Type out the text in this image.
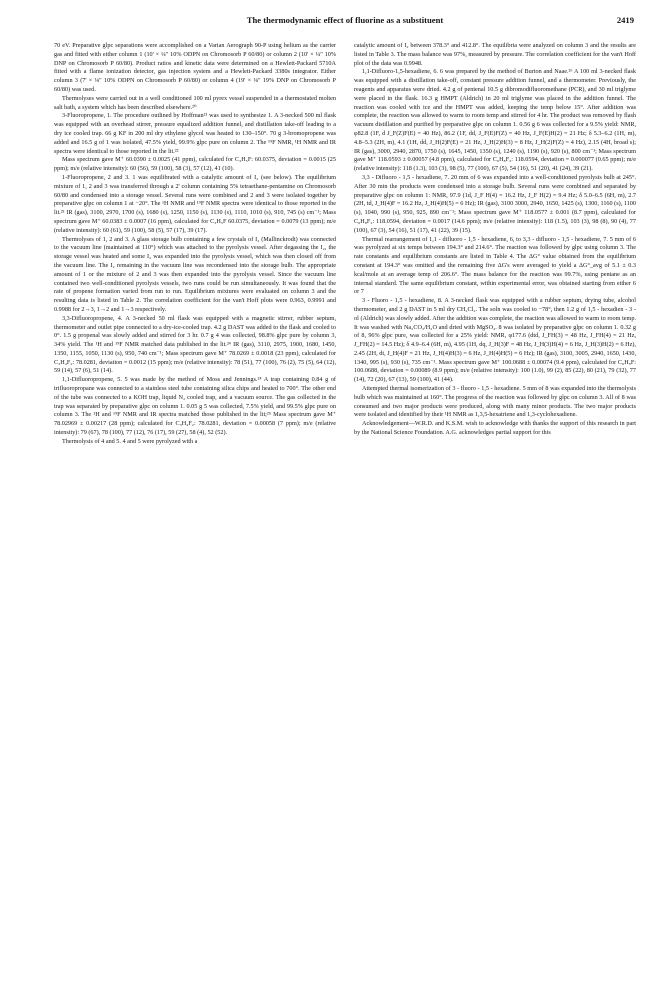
The thermodynamic effect of fluorine as a substituent	2419

70 eV. Preparative glpc separations were accomplished on a Varian Aerograph 90-P using helium as the carrier gas and fitted with either column 1 (10' × ¼" 10% ODPN on Chromosorb P 60/80) or column 2 (10' × ¼" 10% DNP on Chromosorb P 60/80). Product ratios and kinetic data were determined on a Hewlett-Packard 5710A fitted with a flame ionization detector, gas injection system and a Hewlett-Packard 3380s integrator. Either column 3 (7' × ⅛" 10% ODPN on Chromosorb P 60/80) or column 4 (19' × ⅛" 19% DNP on Chromosorb P 60/80) was used.

Thermolyses were carried out in a well conditioned 100 ml pyrex vessel suspended in a thermostated molten salt bath, a system which has been described elsewhere.²⁰

3-Fluoropropene, 1. The procedure outlined by Hoffman²¹ was used to synthesize 1. A 3-necked 500 ml flask was equipped with an overhead stirrer, pressure equalized addition funnel, and distillation take-off leading to a dry ice cooled trap. 66 g KF in 200 ml dry ethylene glycol was heated to 130–150°. 70 g 3-bromopropene was added and 16.5 g of 1 was isolated, 47.5% yield, 99.9% glpc pure on column 2. The ¹⁹F NMR, ¹H NMR and IR spectra were identical to those reported in the lit.²²

Mass spectrum gave M⁺ 60.0390 ± 0.0025 (41 ppm), calculated for C₃H₅F: 60.0375, deviation = 0.0015 (25 ppm); m/e (relative intensity): 60 (56), 59 (100), 58 (3), 57 (12), 41 (10).

1-Fluoropropene, 2 and 3. 1 was equilibrated with a catalytic amount of I₂ (see below). The equilibrium mixture of 1, 2 and 3 was transferred through a 2' column containing 5% tetraethane-pentamine on Chromosorb 60/80 and condensed into a storage vessel. Several runs were combined and 2 and 3 were isolated together by preparative glpc on column 1 at −20°. The ¹H NMR and ¹⁹F NMR spectra were identical to those reported in the lit.²³ IR (gas), 3100, 2970, 1700 (s), 1680 (s), 1250, 1150 (s), 1130 (s), 1110, 1010 (s), 910, 745 (s) cm⁻¹; Mass spectrum gave M⁺ 60.0383 ± 0.0007 (16 ppm), calculated for C₃H₅F 60.0375, deviation = 0.0079 (13 ppm); m/e (relative intensity): 60 (61), 59 (100), 58 (5), 57 (17), 39 (17).

Thermolyses of 1, 2 and 3. A glass storage bulb containing a few crystals of I₂ (Mallinckrodt) was connected to the vacuum line (maintained at 110°) which was attached to the pyrolysis vessel. After degassing the I₂, the storage vessel was heated and some I₂ was expanded into the pyrolysis vessel, which was then closed off from the vacuum line. The I₂ remaining in the vacuum line was recondensed into the storage bulb. The appropriate amount of 1 or the mixture of 2 and 3 was then expanded into the pyrolysis vessel. Since the vacuum line contained two well-conditioned pyrolysis vessels, two runs could be run simultaneously. It was found that the rate of propene formation varied from run to run. Equilibrium mixtures were evaluated on column 3 and the resulting data is listed in Table 2. The correlation coefficient for the van't Hoff plots were 0.963, 0.9991 and 0.9988 for 2→3, 1→2 and 1→3 respectively.

3,3-Difluoropropene, 4. A 3-necked 50 ml flask was equipped with a magnetic stirrer, rubber septum, thermometer and outlet pipe connected to a dry-ice-cooled trap. 4.2 g DAST was added to the flask and cooled to 0°. 1.5 g propenal was slowly added and stirred for 3 hr. 0.7 g 4 was collected, 98.8% glpc pure by column 3, 34% yield. The ¹H and ¹⁹F NMR matched data published in the lit.²⁴ IR (gas), 3110, 2975, 1900, 1680, 1450, 1350, 1155, 1050, 1130 (s), 950, 740 cm⁻¹; Mass spectrum gave M⁺ 78.0269 ± 0.0018 (23 ppm), calculated for C₃H₄F₂: 78.0281, deviation = 0.0012 (15 ppm); m/e (relative intensity): 78 (51), 77 (100), 76 (2), 75 (5), 64 (12), 59 (14), 57 (6), 51 (14).

1,1-Difluoropropene, 5. 5 was made by the method of Moss and Jennings.²⁴ A trap containing 0.84 g of trifluoropropane was connected to a stainless steel tube containing silica chips and heated to 700°. The other end of the tube was connected to a KOH trap, liquid N₂ cooled trap, and a vacuum source. The gas collected in the trap was separated by preparative glpc on column 1. 0.05 g 5 was collected, 7.5% yield, and 99.5% glpc pure on column 3. The ¹H and ¹⁹F NMR and IR spectra matched those published in the lit;²⁵ Mass spectrum gave M⁺ 78.02969 ± 0.00217 (28 ppm); calculated for C₃H₄F₂: 78.0281, deviation = 0.00058 (7 ppm); m/e (relative intensity): 79 (67), 78 (100), 77 (12), 76 (17), 59 (27), 58 (4), 52 (52).

Thermolysis of 4 and 5. 4 and 5 were pyrolyzed with a

catalytic amount of I₂ between 378.3° and 412.8°. The equilibria were analyzed on column 3 and the results are listed in Table 3. The mass balance was 97%, measured by pressure. The correlation coefficient for the van't Hoff plot of the data was 0.9948.

1,1-Difluoro-1,5-hexadiene, 6. 6 was prepared by the method of Burton and Naae.²⁶ A 100 ml 3-necked flask was equipped with a distillation take-off, constant pressure addition funnel, and a thermometer. Previously, the reagents and apparatus were dried. 4.2 g of pentenal 10.5 g dibromodifluoromethane (PCR), and 30 ml triglyme were placed in the flask. 16.3 g HMPT (Aldrich) in 20 ml triglyme was placed in the addition funnel. The reaction was cooled with ice and the HMPT was added, keeping the temp below 15°. After addition was complete, the reaction was allowed to warm to room temp and stirred for 4 hr. The product was removed by flash vacuum distillation and purified by preparative glpc on column 1. 0.56 g 6 was collected for a 9.5% yield: NMR, φ82.8 (1F, d J_F(Z)F(E) = 40 Hz), 86.2 (1F, dd, J_F(E)F(Z) = 40 Hz, J_F(E)H(2) = 21 Hz; δ 5.3–6.2 (1H, m), 4.8–5.3 (2H, m), 4.1 (1H, dd, J_H(2)F(E) = 21 Hz, J_H(2)H(3) = 8 Hz, J_H(2)F(Z) = 4 Hz), 2.15 (4H, broad s); IR (gas), 3000, 2940, 2870, 1750 (s), 1645, 1450, 1350 (s), 1240 (s), 1190 (s), 920 (s), 800 cm⁻¹; Mass spectrum gave M⁺ 118.0593 ± 0.00057 (4.8 ppm), calculated for C₆H₈F₂: 118.0594, deviation = 0.000077 (0.65 ppm); m/e (relative intensity): 118 (1.3), 103 (3), 98 (5), 77 (100), 67 (5), 54 (16), 51 (20), 41 (24), 39 (21).

3,3 - Difluoro - 1,5 - hexadiene, 7. 20 mm of 6 was expanded into a well-conditioned pyrolysis bulb at 245°. After 30 min the products were condensed into a storage bulb. Several runs were combined and separated by preparative glpc on column 1: NMR, 97.9 (1d, J_F H(4) = 16.2 Hz, J_F H(2) = 9.4 Hz; δ 5.0–6.5 (6H, m), 2.7 (2H, td, J_H(4)F = 16.2 Hz, J_H(4)H(5) = 6 Hz); IR (gas), 3100 3000, 2940, 1650, 1425 (s), 1300, 1160 (s), 1100 (s), 1040, 990 (s), 950, 925, 890 cm⁻¹; Mass spectrum gave M⁺ 118.0577 ± 0.001 (8.7 ppm), calculated for C₆H₈F₂: 118.0594, deviation = 0.0017 (14.6 ppm); m/e (relative intensity): 118 (1.5), 103 (3), 98 (8), 90 (4), 77 (100), 67 (3), 54 (16), 51 (17), 41 (22), 39 (15).

Thermal rearrangement of 1,1 - difluoro - 1,5 - hexadiene, 6, to 3,3 - difluoro - 1,5 - hexadiene, 7. 5 mm of 6 was pyrolyzed at six temps between 194.3° and 214.6°. The reaction was followed by glpc using column 3. The rate constants and equilibrium constants are listed in Table 4. The ΔG° value obtained from the equilibrium constant at 194.3° was omitted and the remaining five ΔG's were averaged to yield a ΔG°_avg of 5.1 ± 0.3 kcal/mole at an average temp of 206.6°. The mass balance for the reaction was 99.7%, using pentane as an internal standard. The same equilibrium constant, within experimental error, was obtained starting from either 6 or 7

3 - Fluoro - 1,5 - hexadiene, 8. A 3-necked flask was equipped with a rubber septum, drying tube, alcohol thermometer, and 2 g DAST in 5 ml dry CH₂Cl₂. The soln was cooled to −78°, then 1.2 g of 1,5 - hexadien - 3 - ol (Aldrich) was slowly added. After the addition was complete, the reaction was allowed to warm to room temp. It was washed with Na₂CO₃/H₂O and dried with MgSO₄. 8 was isolated by preparative glpc on column 1. 0.32 g of 8, 96% glpc pure, was collected for a 25% yield: NMR, φ177.6 (dtd, J_FH(3) = 48 Hz, J_FH(4) = 21 Hz, J_FH(2) = 14.5 Hz); δ 4.9–6.4 (6H, m), 4.95 (1H, dq, J_H(3)F = 48 Hz, J_H(3)H(4) = 6 Hz, J_H(3)H(2) = 6 Hz), 2.45 (2H, dt, J_H(4)F = 21 Hz, J_H(4)H(3) = 6 Hz, J_H(4)H(5) = 6 Hz); IR (gas), 3100, 3005, 2940, 1650, 1430, 1340, 995 (s), 930 (s), 735 cm⁻¹. Mass spectrum gave M⁺ 100.0688 ± 0.00074 (9.4 ppm), calculated for C₆H₉F: 100.0688, deviation = 0.00089 (8.9 ppm); m/e (relative intensity): 100 (1.0), 99 (2), 85 (22), 80 (21), 79 (32), 77 (14), 72 (20), 67 (13), 59 (100), 41 (44).

Attempted thermal isomerization of 3 - fluoro - 1,5 - hexadiene. 5 mm of 8 was expanded into the thermolysis bulb which was maintained at 160°. The progress of the reaction was followed by glpc on column 3. All of 8 was consumed and two major products were produced, along with many minor products. The two major products were isolated and identified by their ¹H NMR as 1,3,5-hexatriene and 1,3-cyclohexadiene.

Acknowledgement—W.R.D. and K.S.M. wish to acknowledge with thanks the support of this research in part by the National Science Foundation. A.G. acknowledges partial support for this
